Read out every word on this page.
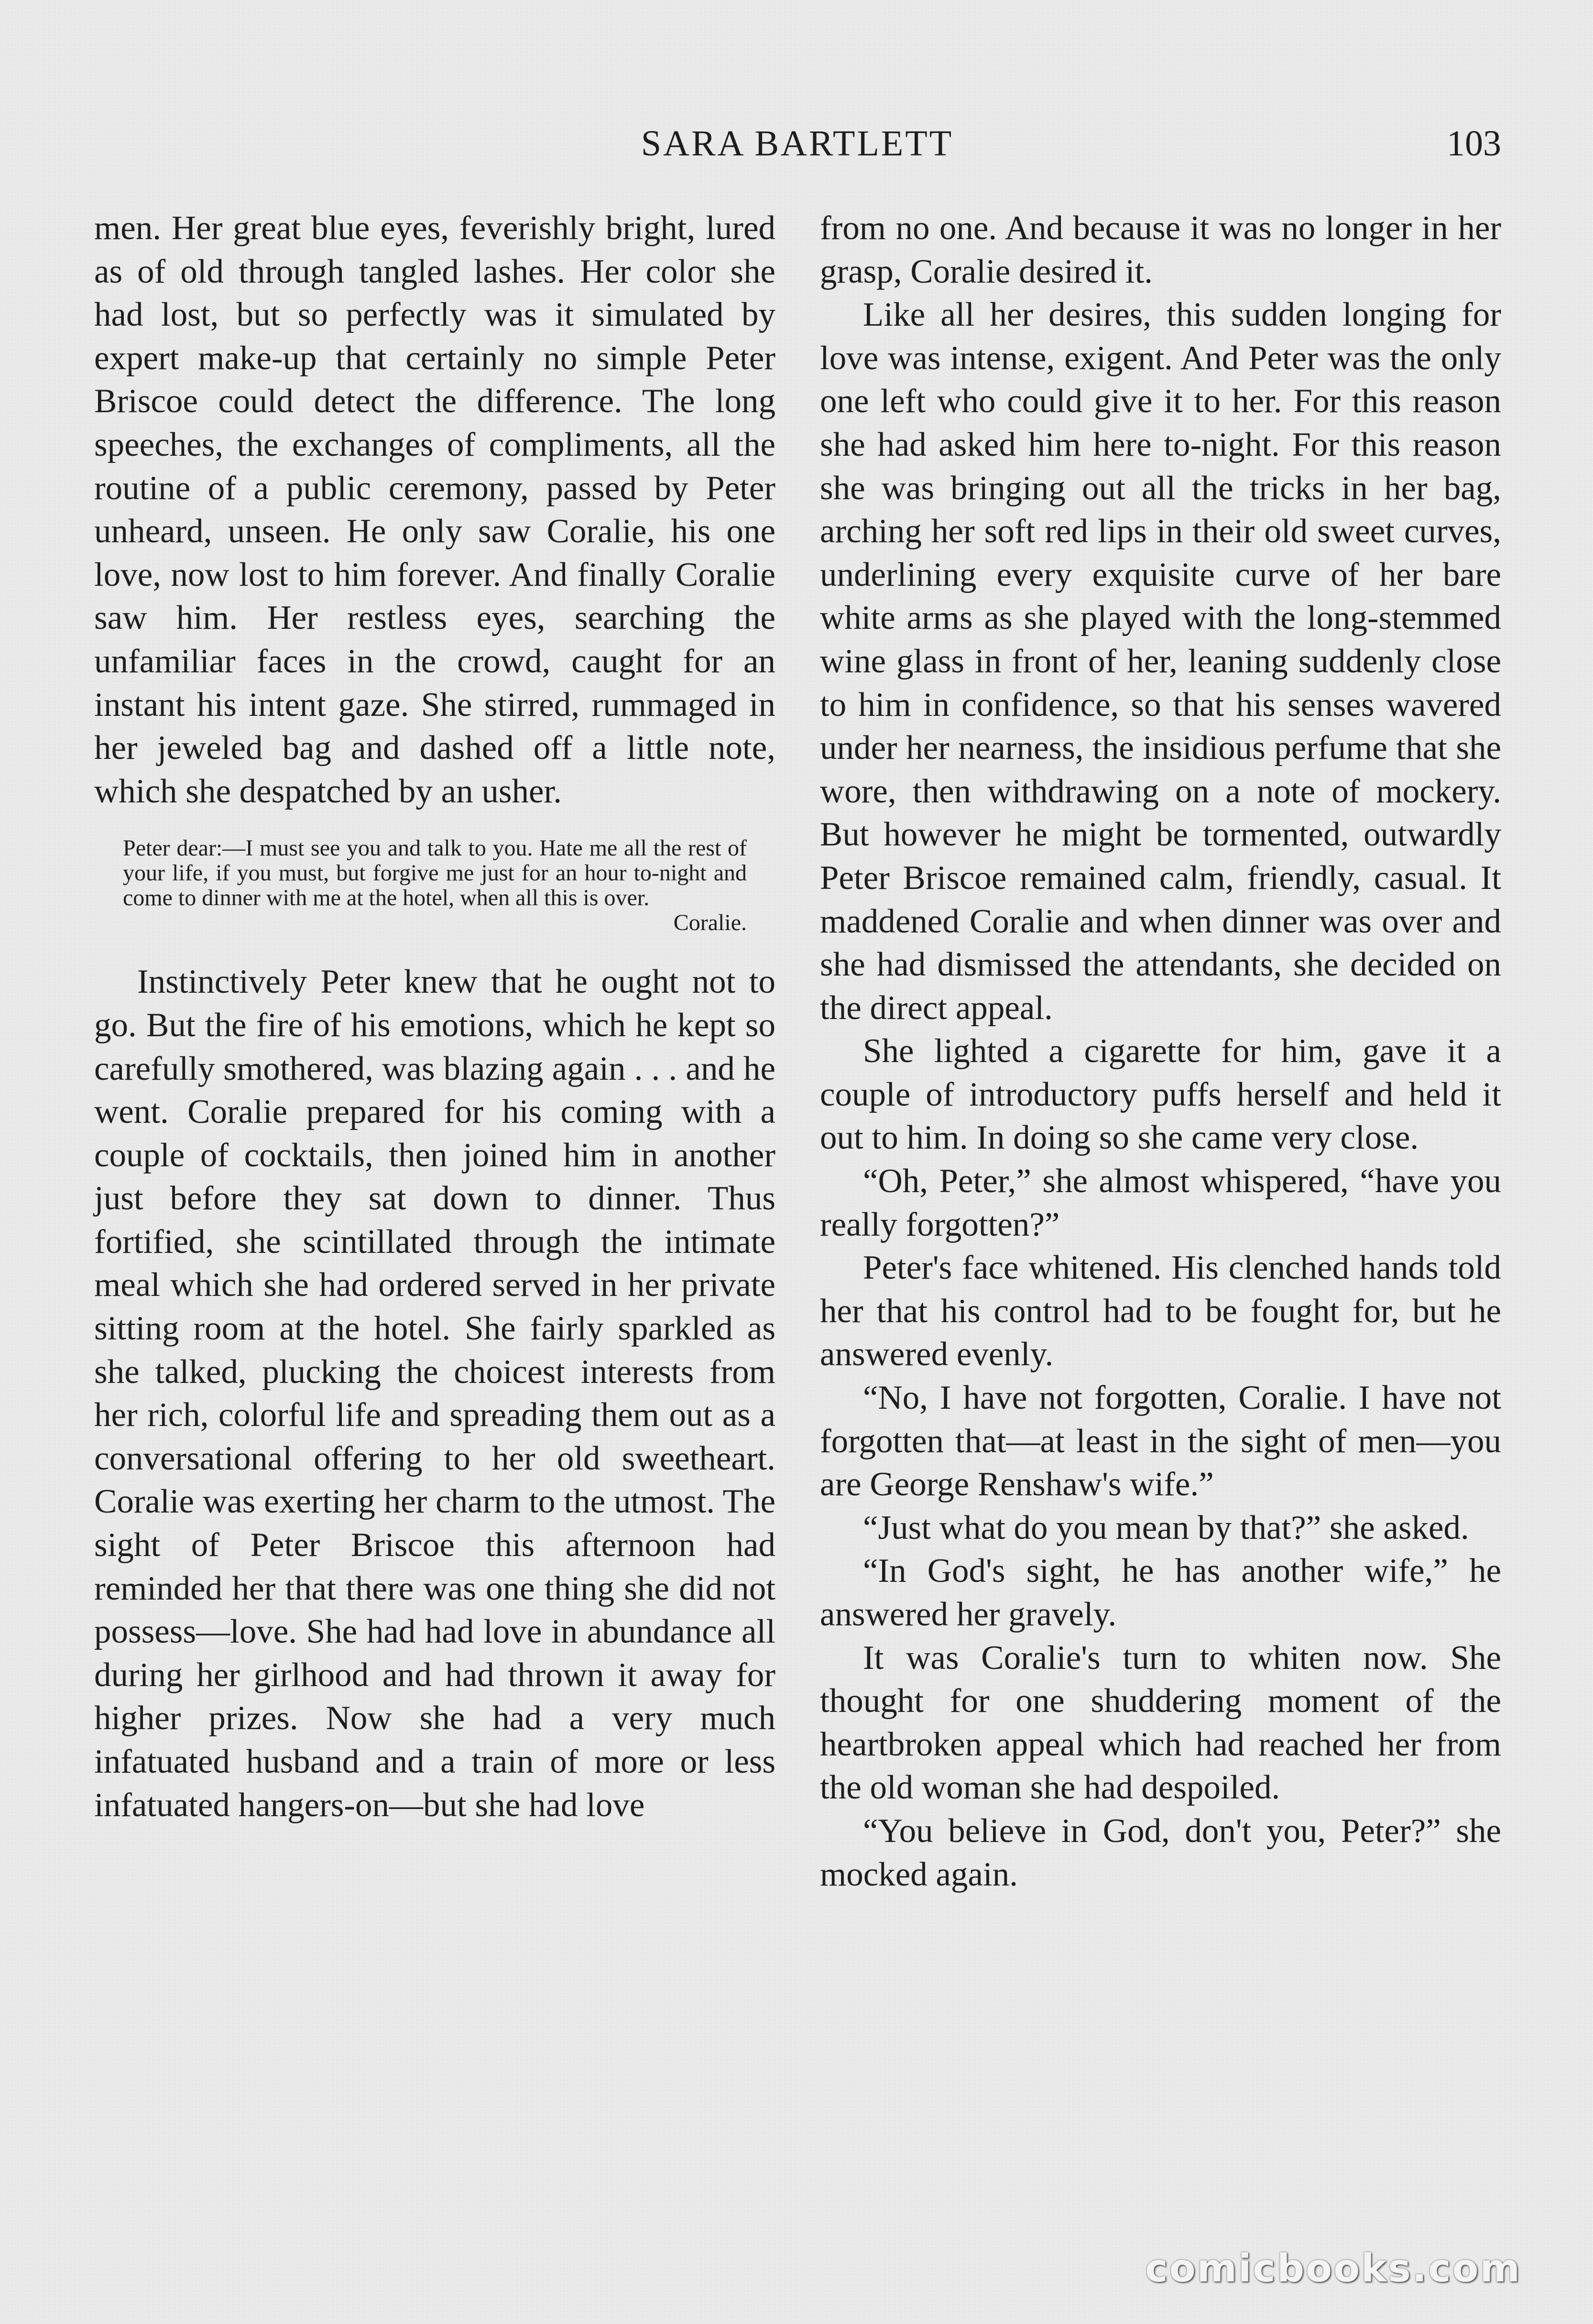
SARA BARTLETT	103

men. Her great blue eyes, feverishly bright, lured as of old through tangled lashes. Her color she had lost, but so perfectly was it simulated by expert make-up that certainly no simple Peter Briscoe could detect the difference. The long speeches, the exchanges of compliments, all the routine of a public ceremony, passed by Peter unheard, unseen. He only saw Coralie, his one love, now lost to him forever. And finally Coralie saw him. Her restless eyes, searching the unfamiliar faces in the crowd, caught for an instant his intent gaze. She stirred, rummaged in her jeweled bag and dashed off a little note, which she despatched by an usher.

Peter dear:—I must see you and talk to you. Hate me all the rest of your life, if you must, but forgive me just for an hour to-night and come to dinner with me at the hotel, when all this is over.
Coralie.

Instinctively Peter knew that he ought not to go. But the fire of his emotions, which he kept so carefully smothered, was blazing again . . . and he went. Coralie prepared for his coming with a couple of cocktails, then joined him in another just before they sat down to dinner. Thus fortified, she scintillated through the intimate meal which she had ordered served in her private sitting room at the hotel. She fairly sparkled as she talked, plucking the choicest interests from her rich, colorful life and spreading them out as a conversational offering to her old sweetheart. Coralie was exerting her charm to the utmost. The sight of Peter Briscoe this afternoon had reminded her that there was one thing she did not possess—love. She had had love in abundance all during her girlhood and had thrown it away for higher prizes. Now she had a very much infatuated husband and a train of more or less infatuated hangers-on—but she had love

from no one. And because it was no longer in her grasp, Coralie desired it.

Like all her desires, this sudden longing for love was intense, exigent. And Peter was the only one left who could give it to her. For this reason she had asked him here to-night. For this reason she was bringing out all the tricks in her bag, arching her soft red lips in their old sweet curves, underlining every exquisite curve of her bare white arms as she played with the long-stemmed wine glass in front of her, leaning suddenly close to him in confidence, so that his senses wavered under her nearness, the insidious perfume that she wore, then withdrawing on a note of mockery. But however he might be tormented, outwardly Peter Briscoe remained calm, friendly, casual. It maddened Coralie and when dinner was over and she had dismissed the attendants, she decided on the direct appeal.

She lighted a cigarette for him, gave it a couple of introductory puffs herself and held it out to him. In doing so she came very close.

“Oh, Peter,” she almost whispered, “have you really forgotten?”

Peter's face whitened. His clenched hands told her that his control had to be fought for, but he answered evenly.

“No, I have not forgotten, Coralie. I have not forgotten that—at least in the sight of men—you are George Renshaw's wife.”

“Just what do you mean by that?” she asked.

“In God's sight, he has another wife,” he answered her gravely.

It was Coralie's turn to whiten now. She thought for one shuddering moment of the heartbroken appeal which had reached her from the old woman she had despoiled.

“You believe in God, don't you, Peter?” she mocked again.

comicbooks.com
